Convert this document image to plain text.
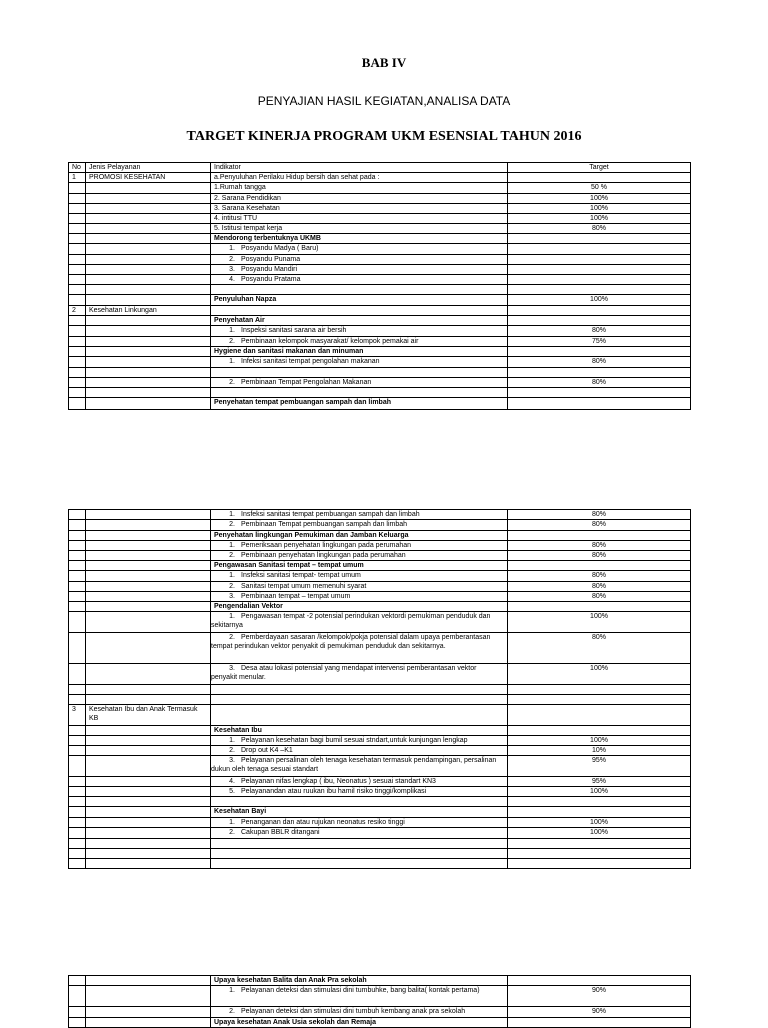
BAB IV
PENYAJIAN HASIL KEGIATAN,ANALISA DATA
TARGET KINERJA PROGRAM UKM ESENSIAL TAHUN 2016
No	Jenis Pelayanan	Indikator	Target
1	PROMOSI KESEHATAN	a.Penyuluhan Perilaku Hidup bersih dan sehat pada :	
		1.Rumah tangga	50 %
		2. Sarana Pendidikan	100%
		3. Sarana Kesehatan	100%
		4. intitusi TTU	100%
		5. Istitusi tempat kerja	80%
		Mendorong terbentuknya UKMB	
		1. Posyandu Madya ( Baru)	
		2. Posyandu Punama	
		3. Posyandu Mandiri	
		4. Posyandu Pratama	

		Penyuluhan Napza	100%
2	Kesehatan Linkungan		
		Penyehatan Air	
		1. Inspeksi sanitasi sarana air bersih	80%
		2. Pembinaan kelompok masyarakat/ kelompok pemakai air	75%
		Hygiene dan sanitasi makanan dan minuman	
		1. Infeksi sanitasi tempat pengolahan makanan	80%

		2. Pembinaan Tempat Pengolahan Makanan	80%

		Penyehatan tempat pembuangan sampah dan limbah	
		1. Insfeksi sanitasi tempat pembuangan sampah dan limbah	80%
		2. Pembinaan Tempat pembuangan sampah dan limbah	80%
		Penyehatan lingkungan Pemukiman dan Jamban Keluarga	
		1. Pemeriksaan penyehatan lingkungan pada perumahan	80%
		2. Pembinaan penyehatan lingkungan pada perumahan	80%
		Pengawasan Sanitasi tempat – tempat umum	
		1. Insfeksi sanitasi tempat- tempat umum	80%
		2. Sanitasi tempat umum memenuhi syarat	80%
		3. Pembinaan tempat – tempat umum	80%
		Pengendalian Vektor	
		1. Pengawasan tempat -2 potensial perindukan vektordi pemukiman penduduk dan sekitarnya	100%
		2. Pemberdayaan sasaran /kelompok/pokja potensial dalam upaya pemberantasan tempat perindukan vektor penyakit di pemukiman penduduk dan sekitarnya.	80%
		3. Desa atau lokasi potensial yang mendapat intervensi pemberantasan vektor penyakit menular.	100%

3	Kesehatan Ibu dan Anak Termasuk KB		
		Kesehatan Ibu	
		1. Pelayanan kesehatan bagi bumil sesuai stndart,untuk kunjungan lengkap	100%
		2. Drop out K4 –K1	10%
		3. Pelayanan persalinan oleh tenaga kesehatan termasuk pendampingan, persalinan dukun oleh tenaga sesuai standart	95%
		4. Pelayanan nifas lengkap ( ibu, Neonatus ) sesuai standart KN3	95%
		5. Pelayanandan atau ruukan ibu hamil risiko tinggi/komplikasi	100%

		Kesehatan Bayi	
		1. Penanganan dan atau rujukan neonatus resiko tinggi	100%
		2. Cakupan BBLR ditangani	100%

		Upaya kesehatan Balita dan Anak Pra sekolah	
		1. Pelayanan deteksi dan stimulasi dini tumbuhke, bang balita( kontak pertama)	90%
		2. Pelayanan deteksi dan stimulasi dini tumbuh kembang anak pra sekolah	90%
		Upaya kesehatan Anak Usia sekolah dan Remaja	
